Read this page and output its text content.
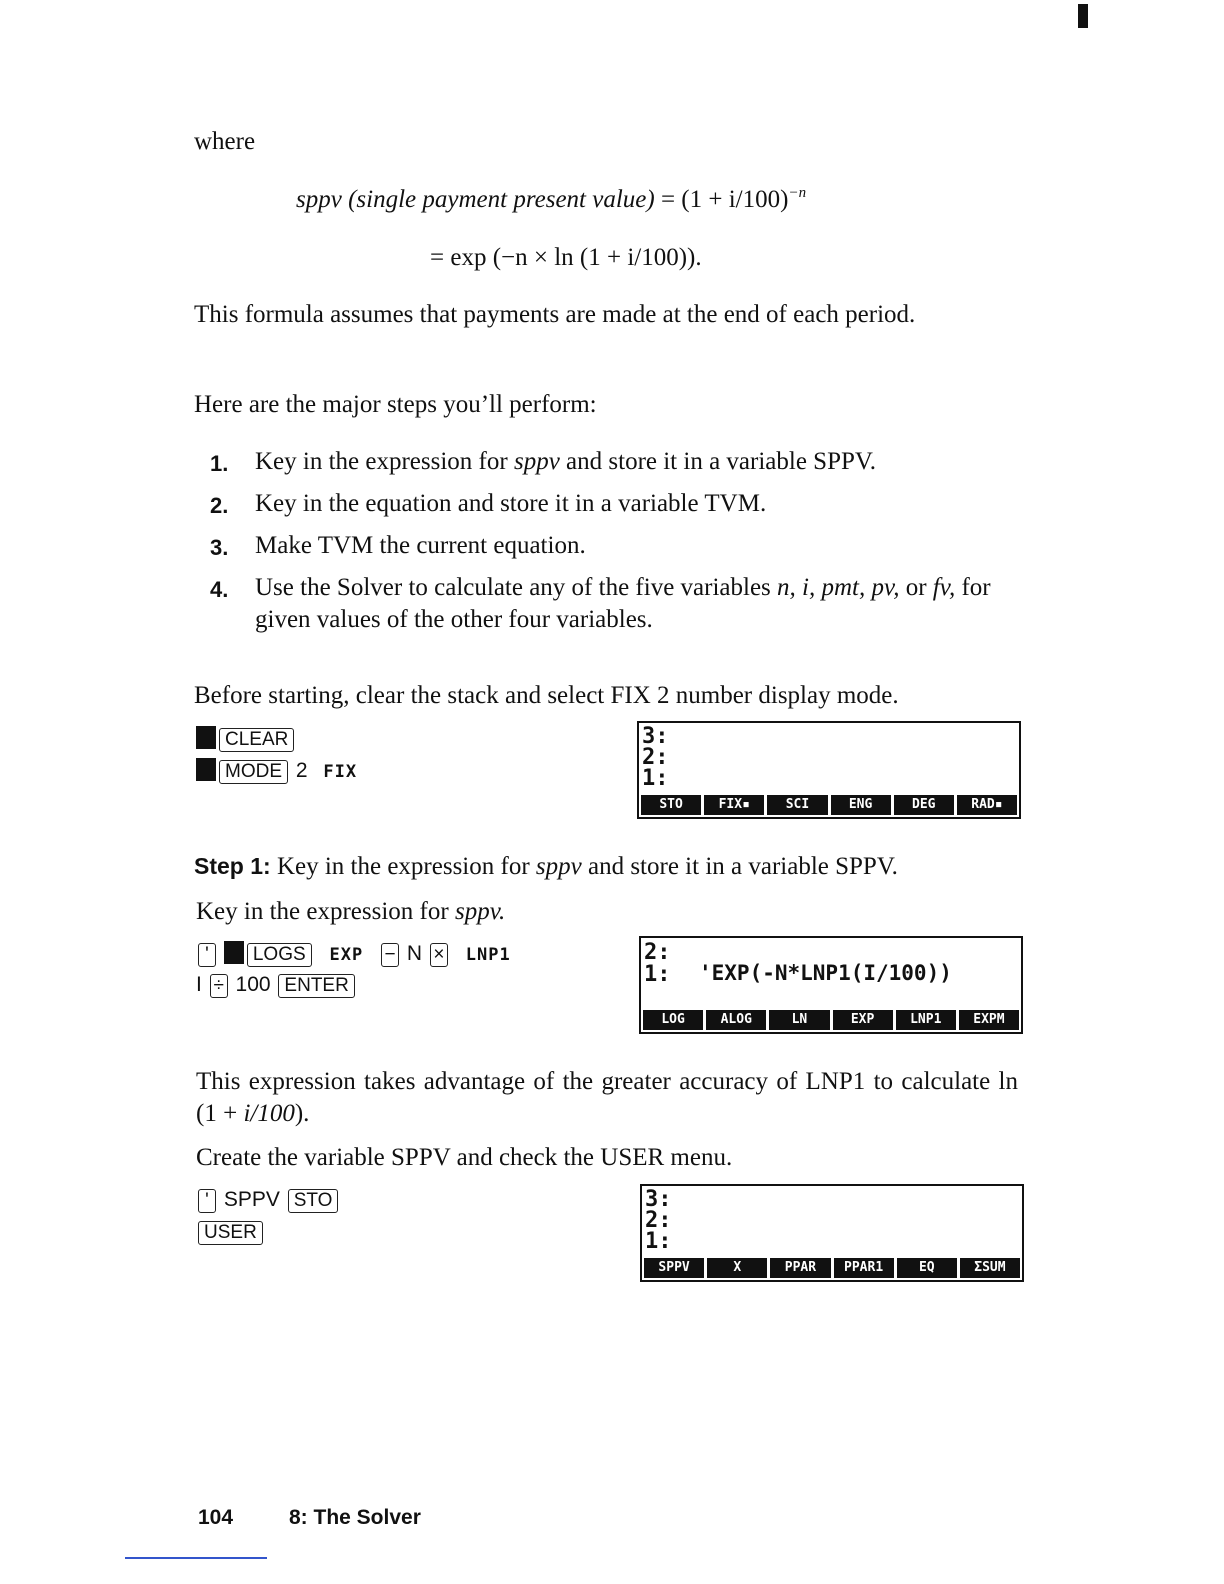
where
sppv (single payment present value) = $(1 + i/100)^{-n}$
= exp (−n × ln (1 + i/100)).
This formula assumes that payments are made at the end of each period.
Here are the major steps you’ll perform:
1.	Key in the expression for sppv and store it in a variable SPPV.
2.	Key in the equation and store it in a variable TVM.
3.	Make TVM the current equation.
4.	Use the Solver to calculate any of the five variables n, i, pmt, pv, or fv, for given values of the other four variables.
Before starting, clear the stack and select FIX 2 number display mode.
CLEAR
MODE 2 FIX
3:
2:
1:
STO	FIX▪	SCI	ENG	DEG	RAD▪
Step 1: Key in the expression for sppv and store it in a variable SPPV.
Key in the expression for sppv.
' LOGS EXP − N × LNP1
I ÷ 100 ENTER
2:
1: 'EXP(-N*LNP1(I/100))
LOG	ALOG	LN	EXP	LNP1	EXPM
This expression takes advantage of the greater accuracy of LNP1 to calculate ln (1 + i/100).
Create the variable SPPV and check the USER menu.
' SPPV STO
USER
3:
2:
1:
SPPV	X	PPAR	PPAR1	EQ	ΣSUM
104	8: The Solver
